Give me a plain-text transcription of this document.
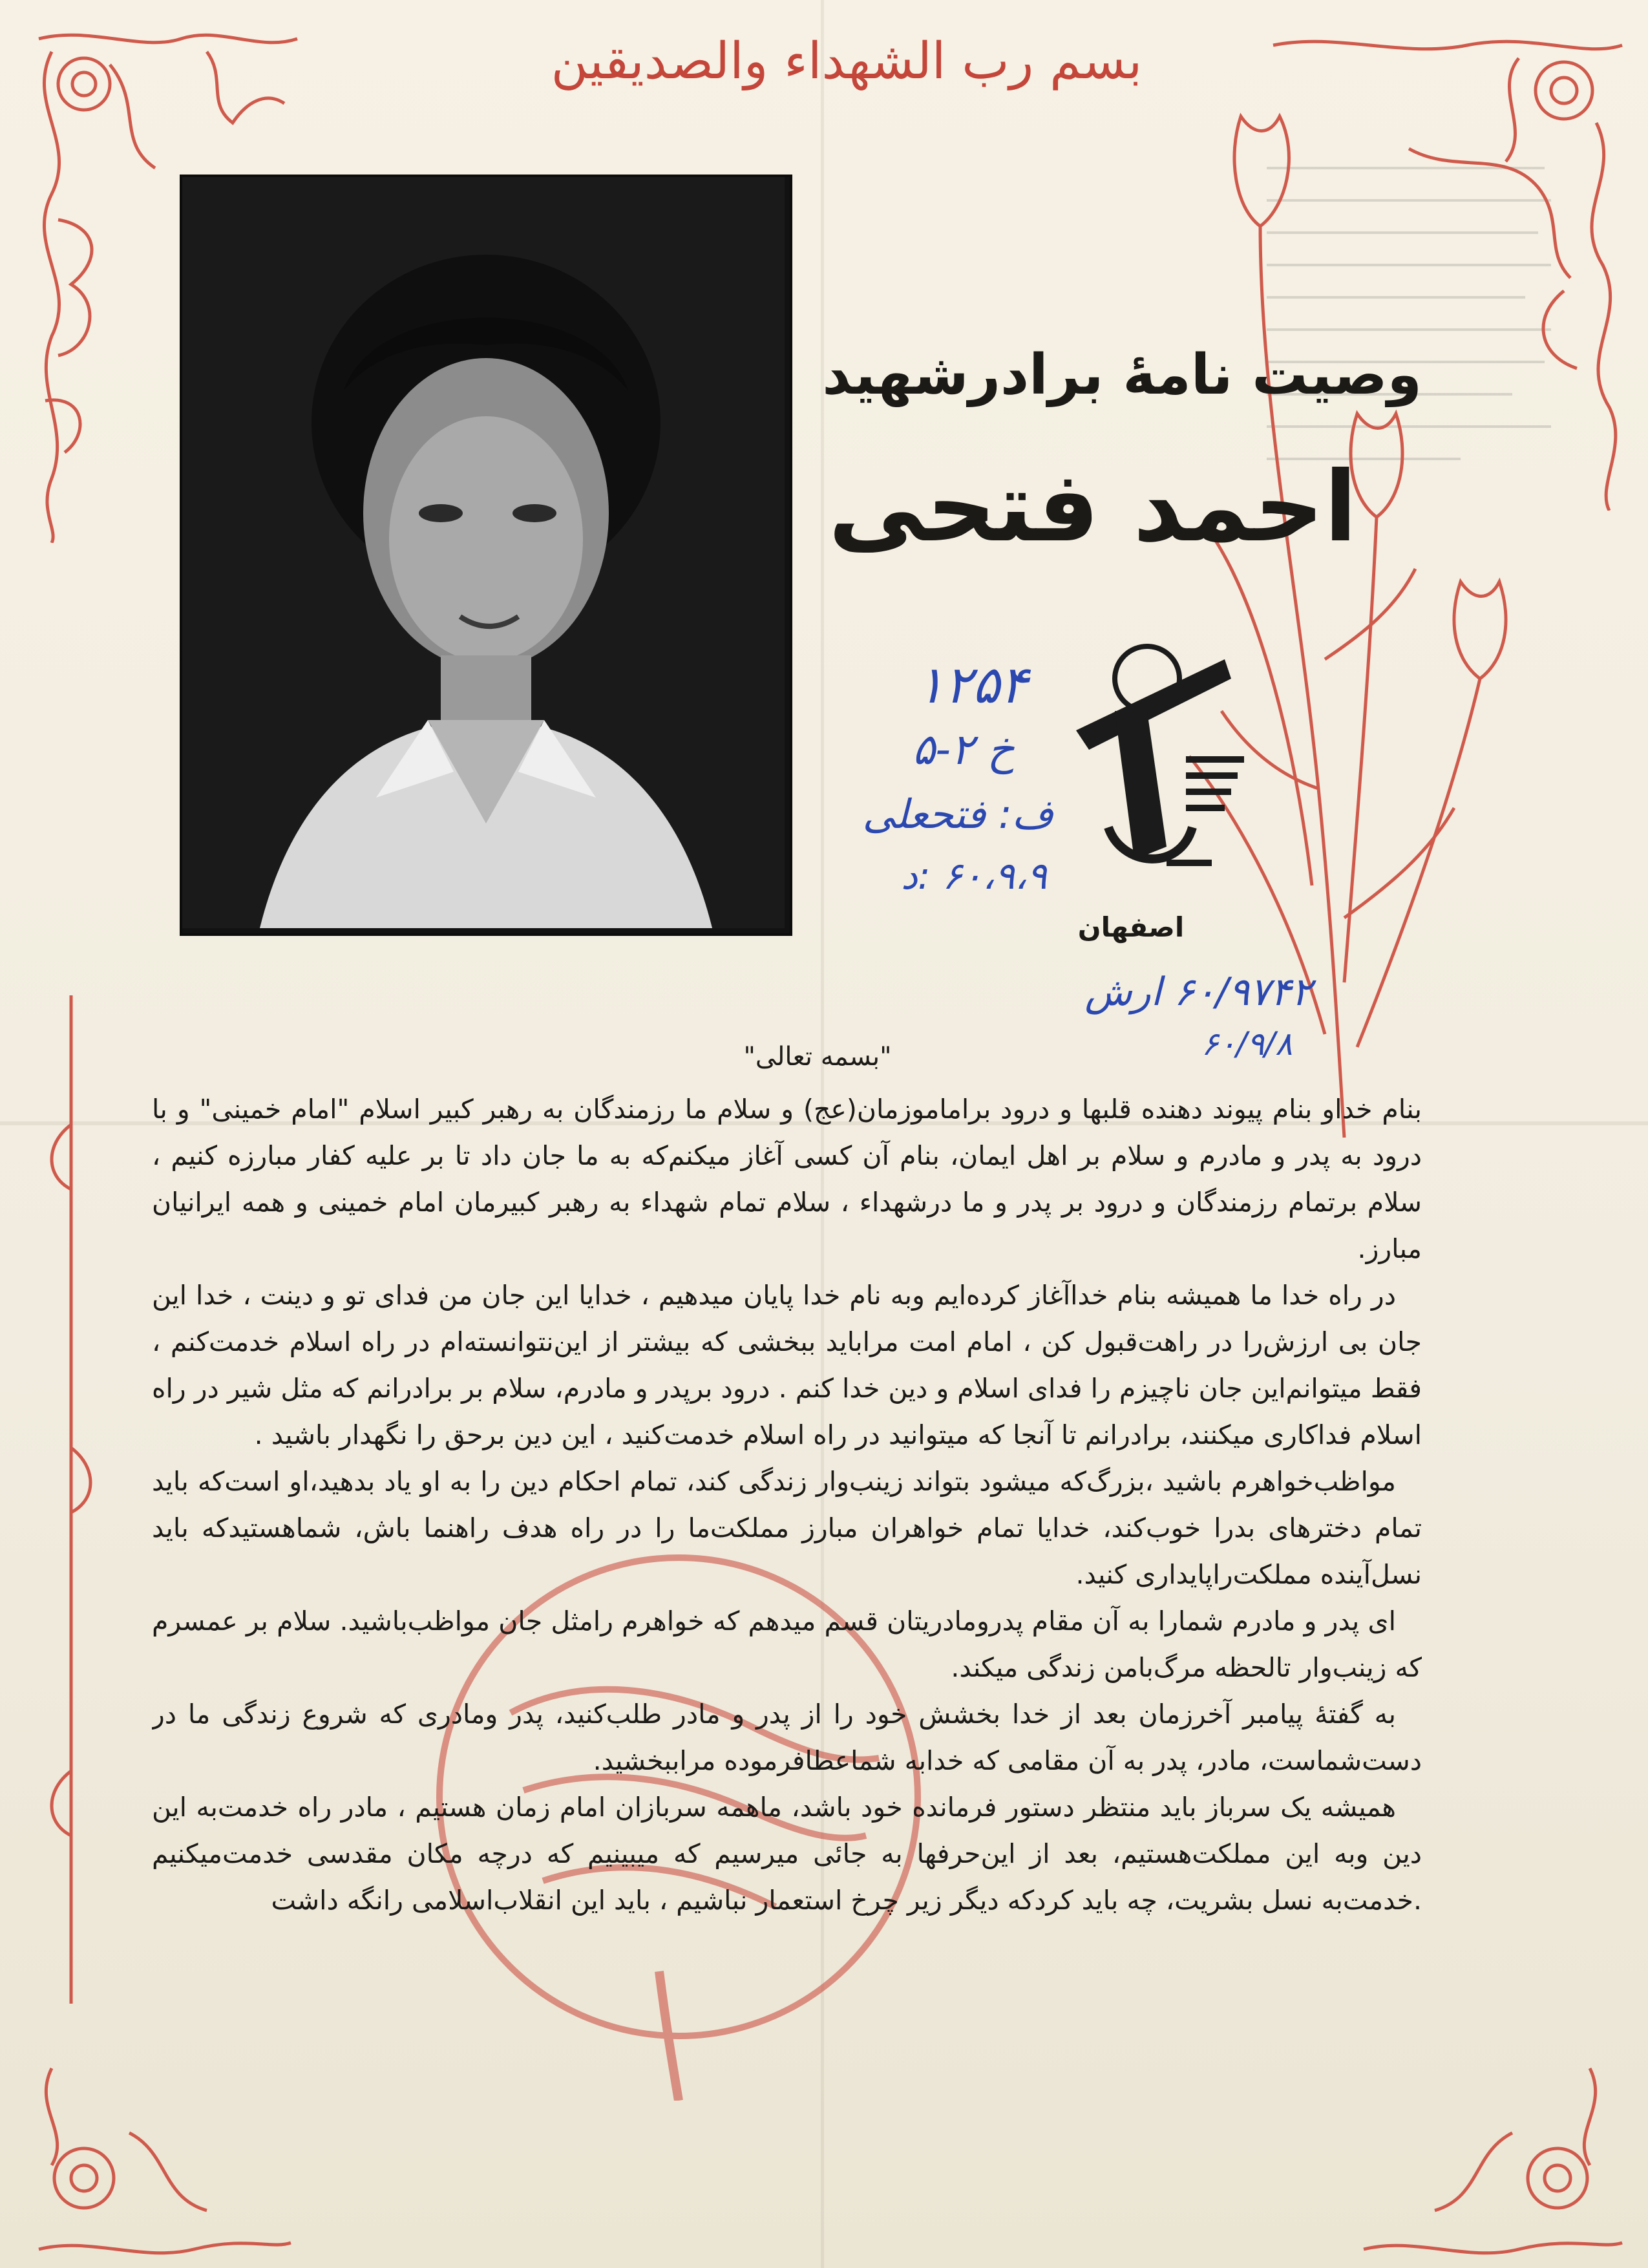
بسم رب الشهداء والصدیقین
وصیت نامهٔ برادرشهید
احمد فتحی
۱۲۵۴
خ ۲-۵
ف: فتحعلی
۶۰،۹،۹ :د
۶۰/۹۷۴۲ ارش
۶۰/۹/۸
اصفهان
"بسمه تعالی"

بنام خداو بنام پیوند دهنده قلبها و درود براماموزمان(عج) و سلام ما رزمندگان به رهبر کبیر اسلام "امام خمینی" و با درود به پدر و مادرم و سلام بر اهل ایمان، بنام آن کسی آغاز میکنم‌که به ما جان داد تا بر علیه کفار مبارزه کنیم ، سلام برتمام رزمندگان و درود بر پدر و ما درشهداء ، سلام تمام شهداء به رهبر کبیرمان امام خمینی و همه ایرانیان مبارز.

در راه خدا ما همیشه بنام خداآغاز کرده‌ایم وبه نام خدا پایان میدهیم ، خدایا این جان من فدای تو و دینت ، خدا این جان بی ارزش‌را در راهت‌قبول کن ، امام امت مرابا‌ید ببخشی که بیشتر از این‌نتوانسته‌ام در راه اسلام خدمت‌کنم ، فقط میتوانم‌این جان ناچیزم را فدای اسلام و دین خدا کنم . درود برپدر و مادرم، سلام بر برادرانم که مثل شیر در راه اسلام فداکاری میکنند، برادرانم تا آنجا که میتوانید در راه اسلام خدمت‌کنید ، این دین برحق را نگهدار باشید .

مواظب‌خواهرم باشید ،بزرگ‌که میشود بتواند زینب‌وار زندگی کند، تمام احکام دین را به او یاد بدهید،او است‌که باید تمام دخترهای بدرا خوب‌کند، خدایا تمام خواهران مبارز مملکت‌ما را در راه هدف راهنما باش، شماهستیدکه باید نسل‌آینده مملکت‌راپایداری کنید.

ای پدر و مادرم شمارا به آن مقام پدروماد‌ریتان قسم میدهم که خواهرم رامثل جان مواظب‌باشید. سلام بر عمسرم که زینب‌وار تالحظه مرگ‌بامن زندگی میکند.

به گفته‌ٔ پیامبر آخرزمان بعد از خدا بخشش خود را از پدر و مادر طلب‌کنید، پدر وما‌دری که شروع زندگی ما در دست‌شماست، مادر، پدر به آن مقامی که خدابه شماعطافرموده مراببخشید.

همیشه یک سرباز باید منتظر دستور فرمانده خود باشد، ماهمه سربازان امام زمان هستیم ، مادر راه خدمت‌به این دین وبه این مملکت‌هستیم، بعد از این‌حرفها به جائی میرسیم که میبینیم که درچه مکان مقدسی خدمت‌میکنیم .خدمت‌به نسل بشریت، چه باید کردکه دیگر زیر چرخ استعمار نباشیم ، باید این انقلاب‌اسلامی رانگه داشت
